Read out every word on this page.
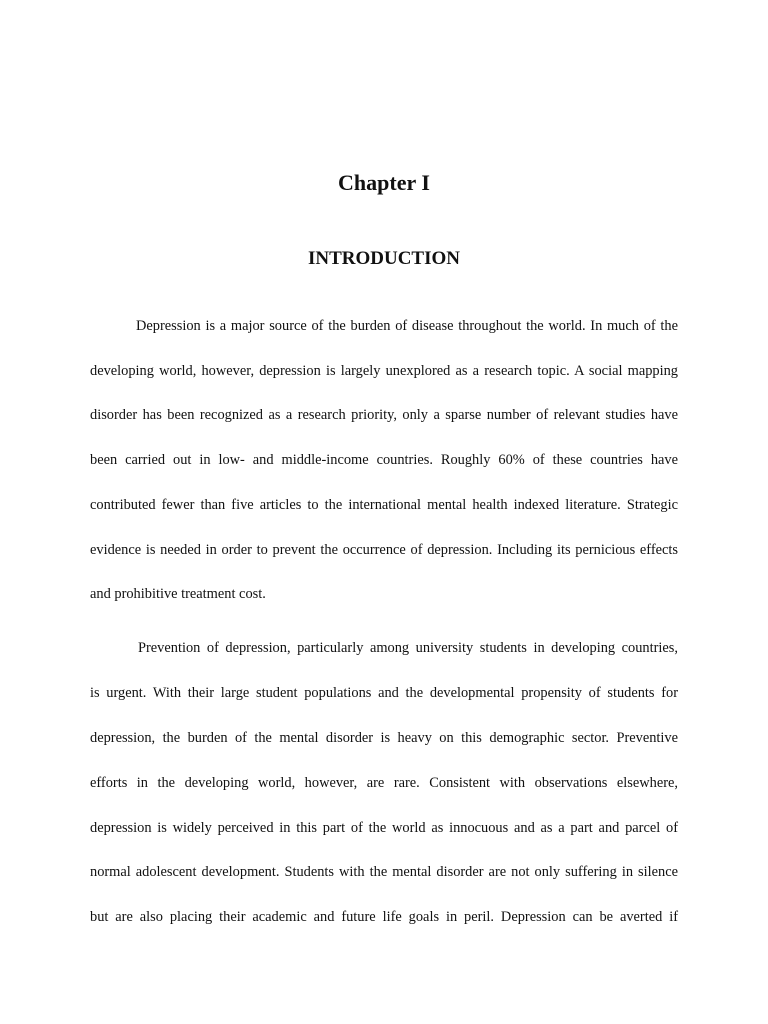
Chapter I
INTRODUCTION

Depression is a major source of the burden of disease throughout the world. In much of the

developing world, however, depression is largely unexplored as a research topic. A social mapping

disorder has been recognized as a research priority, only a sparse number of relevant studies have

been carried out in low- and middle-income countries. Roughly 60% of these countries have

contributed fewer than five articles to the international mental health indexed literature. Strategic

evidence is needed in order to prevent the occurrence of depression. Including its pernicious effects

and prohibitive treatment cost.

Prevention of depression, particularly among university students in developing countries,

is urgent. With their large student populations and the developmental propensity of students for

depression, the burden of the mental disorder is heavy on this demographic sector. Preventive

efforts in the developing world, however, are rare. Consistent with observations elsewhere,

depression is widely perceived in this part of the world as innocuous and as a part and parcel of

normal adolescent development. Students with the mental disorder are not only suffering in silence

but are also placing their academic and future life goals in peril. Depression can be averted if
